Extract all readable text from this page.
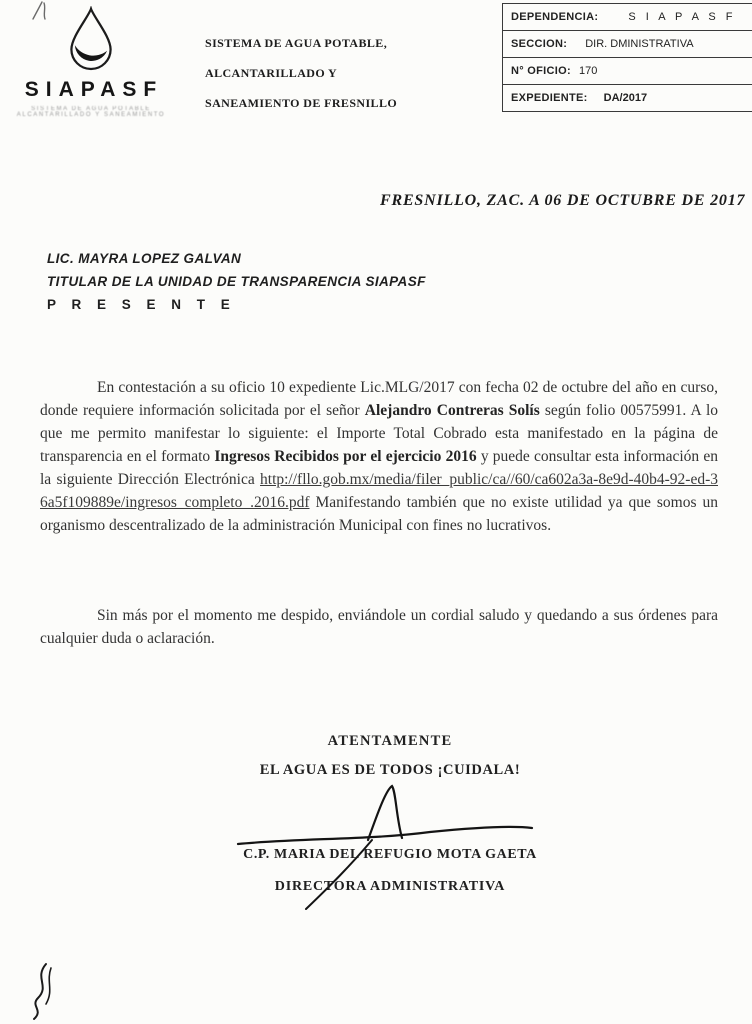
SIAPASF
SISTEMA DE AGUA POTABLE ALCANTARILLADO Y SANEAMIENTO
SISTEMA DE AGUA POTABLE,
ALCANTARILLADO Y
SANEAMIENTO DE FRESNILLO
DEPENDENCIA:	S I A P A S F
SECCION: DIR. DMINISTRATIVA
N° OFICIO: 170
EXPEDIENTE: DA/2017
FRESNILLO, ZAC. A 06 DE OCTUBRE DE 2017
LIC. MAYRA LOPEZ GALVAN
TITULAR DE LA UNIDAD DE TRANSPARENCIA SIAPASF
P R E S E N T E
En contestación a su oficio 10 expediente Lic.MLG/2017 con fecha 02 de octubre del año en curso, donde requiere información solicitada por el señor Alejandro Contreras Solís según folio 00575991. A lo que me permito manifestar lo siguiente: el Importe Total Cobrado esta manifestado en la página de transparencia en el formato Ingresos Recibidos por el ejercicio 2016 y puede consultar esta información en la siguiente Dirección Electrónica http://fllo.gob.mx/media/filer_public/ca//60/ca602a3a-8e9d-40b4-92-ed-36a5f109889e/ingresos_completo_.2016.pdf Manifestando también que no existe utilidad ya que somos un organismo descentralizado de la administración Municipal con fines no lucrativos.
Sin más por el momento me despido, enviándole un cordial saludo y quedando a sus órdenes para cualquier duda o aclaración.
ATENTAMENTE
EL AGUA ES DE TODOS ¡CUIDALA!
C.P. MARIA DEL REFUGIO MOTA GAETA
DIRECTORA ADMINISTRATIVA
